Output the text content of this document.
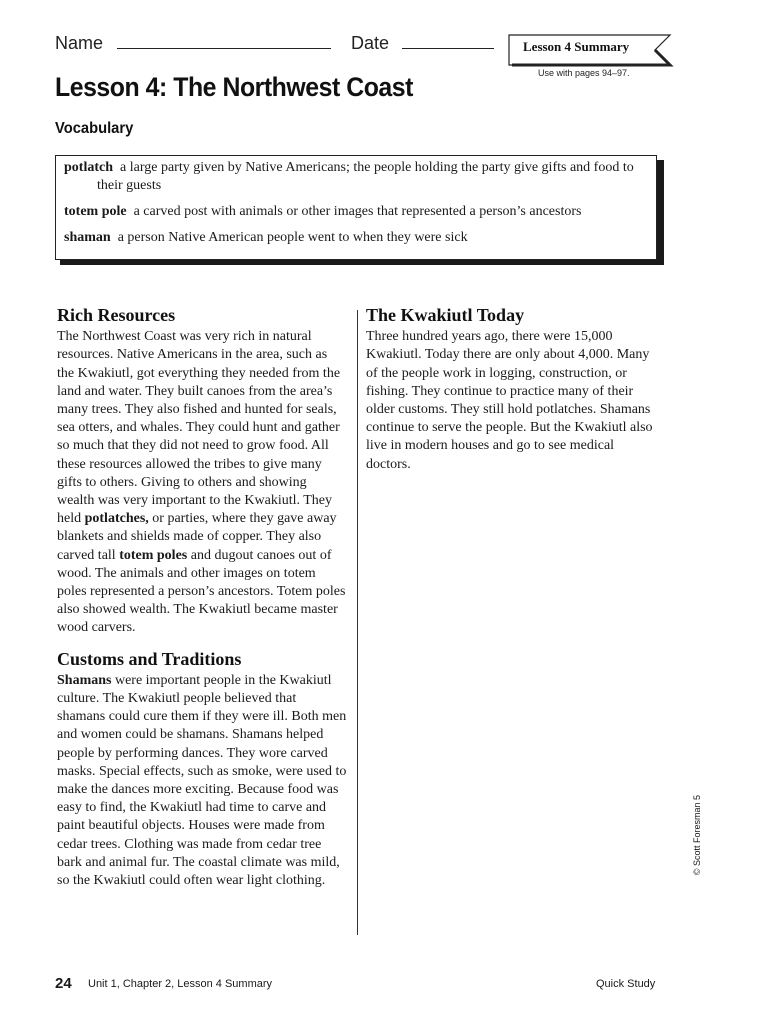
Name	Date	Lesson 4 Summary
Use with pages 94–97.
Lesson 4: The Northwest Coast
Vocabulary
potlatch a large party given by Native Americans; the people holding the party give gifts and food to their guests
totem pole a carved post with animals or other images that represented a person’s ancestors
shaman a person Native American people went to when they were sick
Rich Resources

The Northwest Coast was very rich in natural resources. Native Americans in the area, such as the Kwakiutl, got everything they needed from the land and water. They built canoes from the area’s many trees. They also fished and hunted for seals, sea otters, and whales. They could hunt and gather so much that they did not need to grow food. All these resources allowed the tribes to give many gifts to others. Giving to others and showing wealth was very important to the Kwakiutl. They held potlatches, or parties, where they gave away blankets and shields made of copper. They also carved tall totem poles and dugout canoes out of wood. The animals and other images on totem poles represented a person’s ancestors. Totem poles also showed wealth. The Kwakiutl became master wood carvers.

Customs and Traditions

Shamans were important people in the Kwakiutl culture. The Kwakiutl people believed that shamans could cure them if they were ill. Both men and women could be shamans. Shamans helped people by performing dances. They wore carved masks. Special effects, such as smoke, were used to make the dances more exciting. Because food was easy to find, the Kwakiutl had time to carve and paint beautiful objects. Houses were made from cedar trees. Clothing was made from cedar tree bark and animal fur. The coastal climate was mild, so the Kwakiutl could often wear light clothing.

The Kwakiutl Today

Three hundred years ago, there were 15,000 Kwakiutl. Today there are only about 4,000. Many of the people work in logging, construction, or fishing. They continue to practice many of their older customs. They still hold potlatches. Shamans continue to serve the people. But the Kwakiutl also live in modern houses and go to see medical doctors.

© Scott Foresman 5
24 Unit 1, Chapter 2, Lesson 4 Summary	Quick Study
